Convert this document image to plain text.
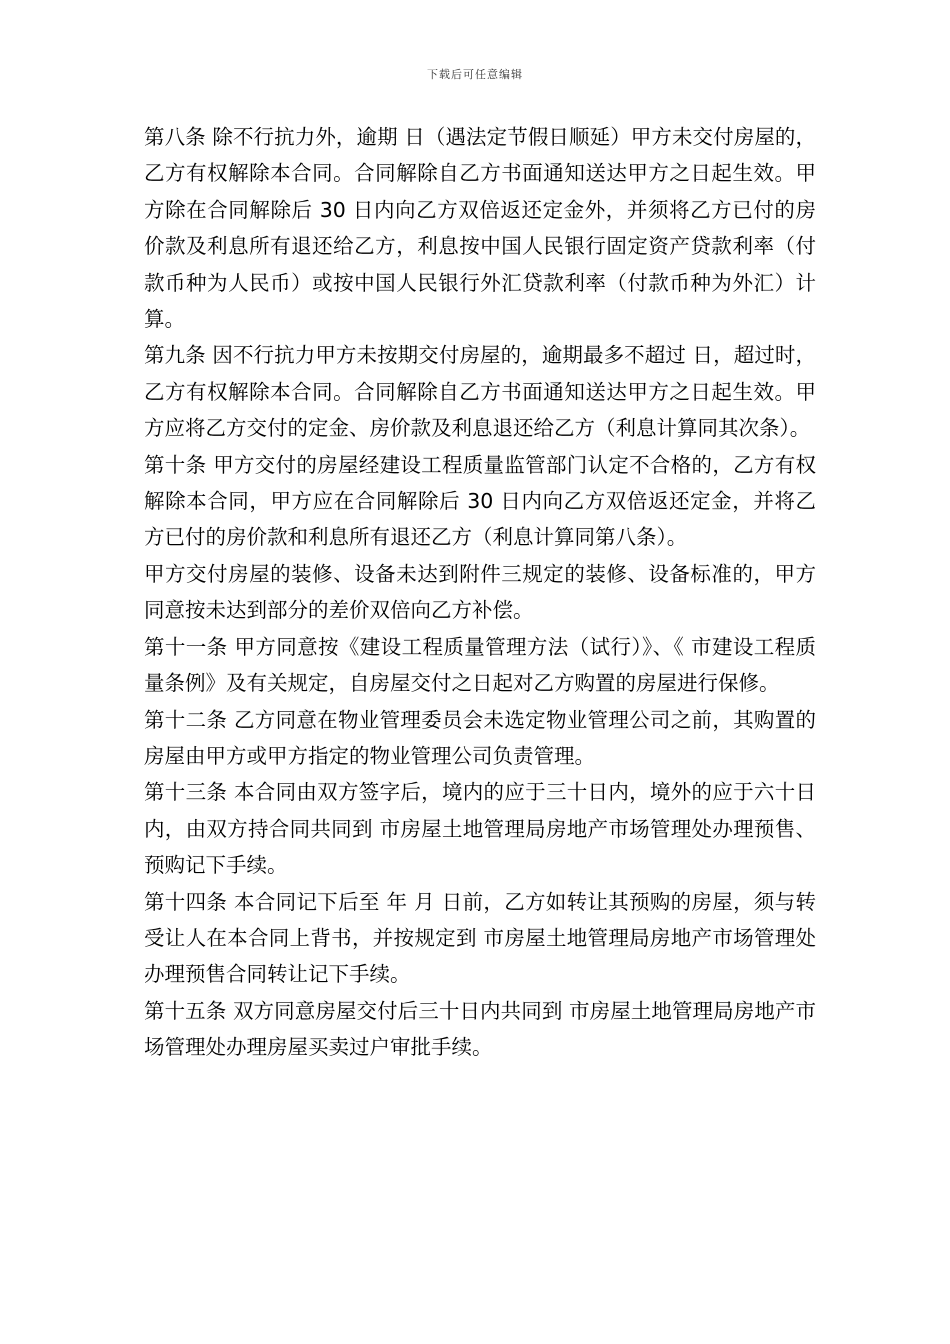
下载后可任意编辑

第八条 除不行抗力外，逾期 日（遇法定节假日顺延）甲方未交付房屋的，乙方有权解除本合同。合同解除自乙方书面通知送达甲方之日起生效。甲方除在合同解除后 30 日内向乙方双倍返还定金外，并须将乙方已付的房价款及利息所有退还给乙方，利息按中国人民银行固定资产贷款利率（付款币种为人民币）或按中国人民银行外汇贷款利率（付款币种为外汇）计算。

第九条 因不行抗力甲方未按期交付房屋的，逾期最多不超过 日，超过时，乙方有权解除本合同。合同解除自乙方书面通知送达甲方之日起生效。甲方应将乙方交付的定金、房价款及利息退还给乙方（利息计算同其次条）。

第十条 甲方交付的房屋经建设工程质量监管部门认定不合格的，乙方有权解除本合同，甲方应在合同解除后 30 日内向乙方双倍返还定金，并将乙方已付的房价款和利息所有退还乙方（利息计算同第八条）。

甲方交付房屋的装修、设备未达到附件三规定的装修、设备标准的，甲方同意按未达到部分的差价双倍向乙方补偿。

第十一条 甲方同意按《建设工程质量管理方法（试行）》、《 市建设工程质量条例》及有关规定，自房屋交付之日起对乙方购置的房屋进行保修。

第十二条 乙方同意在物业管理委员会未选定物业管理公司之前，其购置的房屋由甲方或甲方指定的物业管理公司负责管理。

第十三条 本合同由双方签字后，境内的应于三十日内，境外的应于六十日内，由双方持合同共同到 市房屋土地管理局房地产市场管理处办理预售、预购记下手续。

第十四条 本合同记下后至 年 月 日前，乙方如转让其预购的房屋，须与转受让人在本合同上背书，并按规定到 市房屋土地管理局房地产市场管理处办理预售合同转让记下手续。

第十五条 双方同意房屋交付后三十日内共同到 市房屋土地管理局房地产市场管理处办理房屋买卖过户审批手续。
